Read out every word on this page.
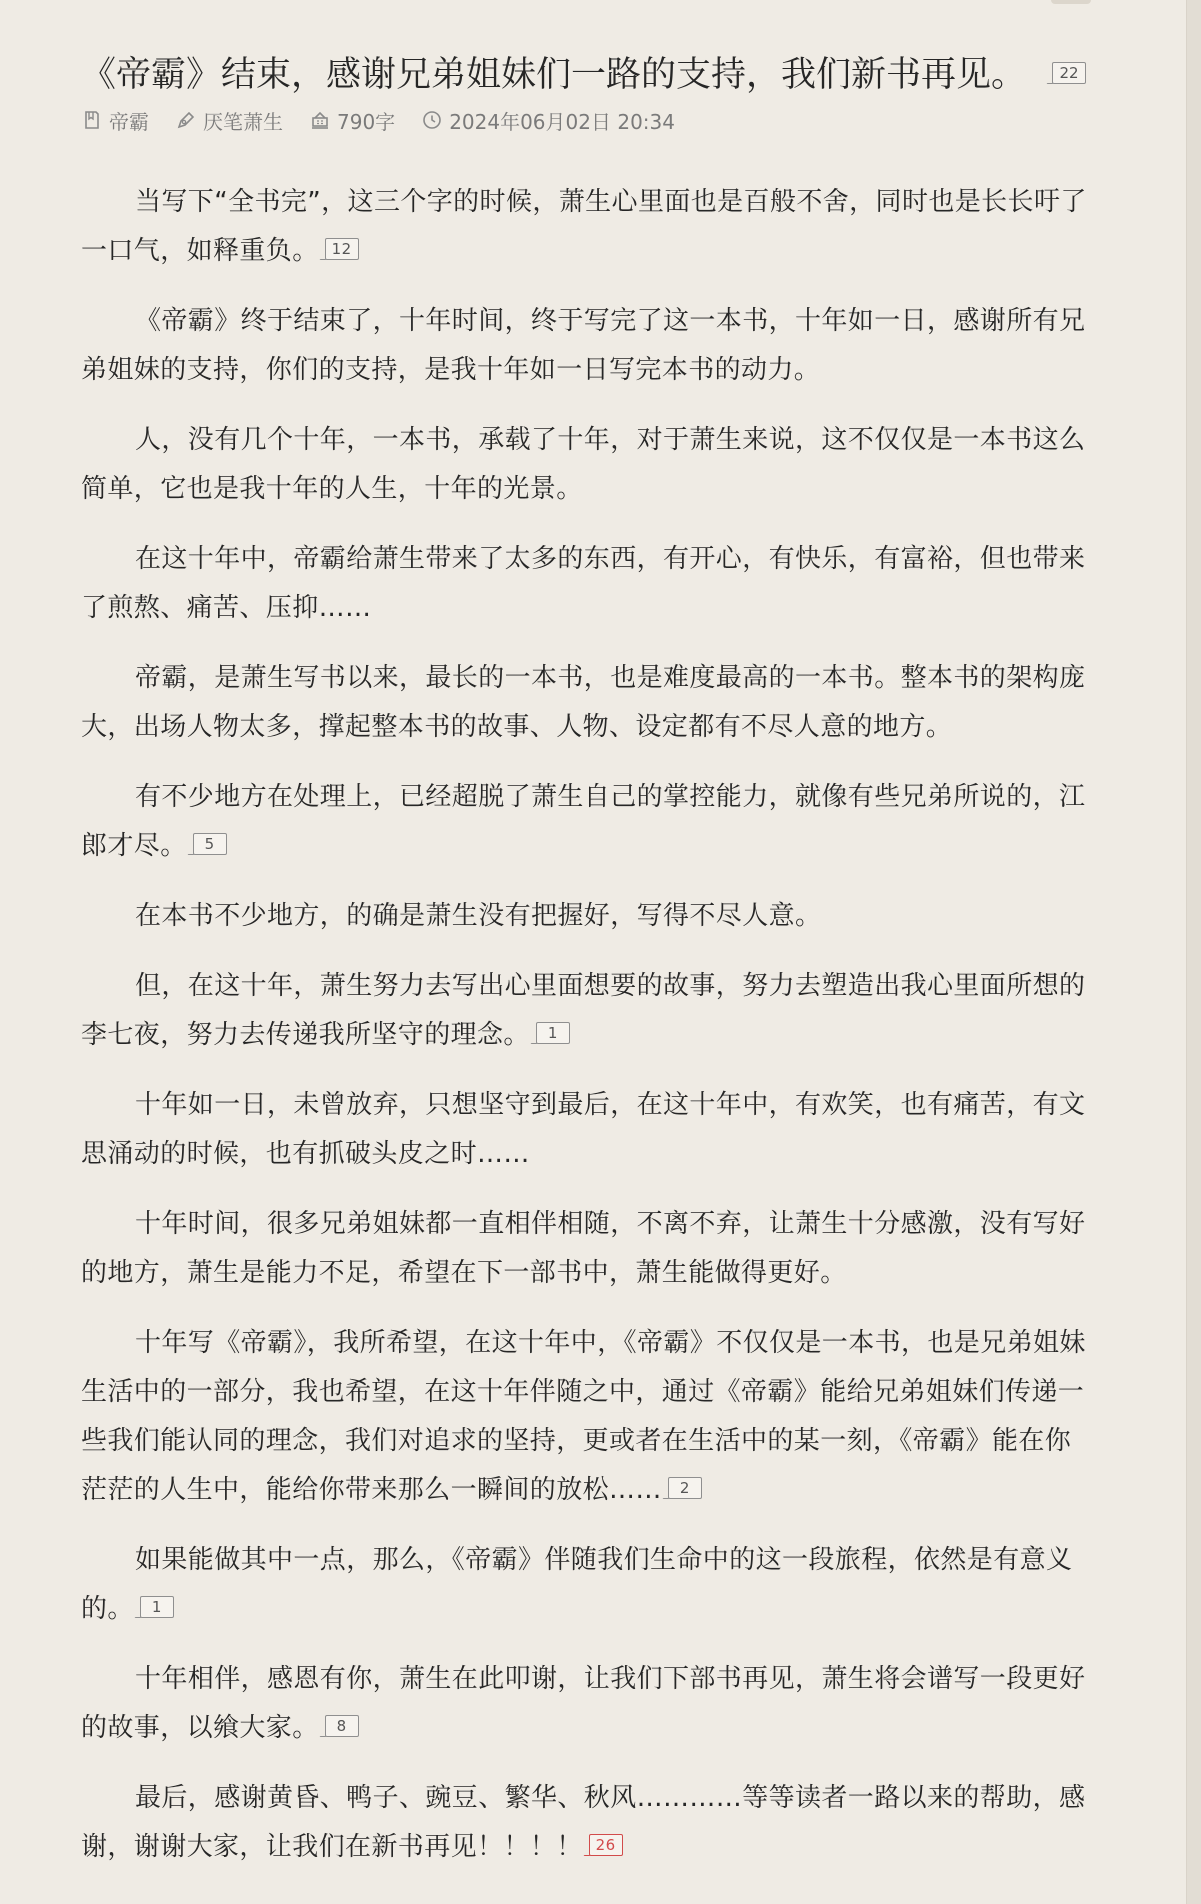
《帝霸》结束，感谢兄弟姐妹们一路的支持，我们新书再见。 22
帝霸	厌笔萧生	790字	2024年06月02日 20:34

当写下“全书完”，这三个字的时候，萧生心里面也是百般不舍，同时也是长长吁了一口气，如释重负。 12

《帝霸》终于结束了，十年时间，终于写完了这一本书，十年如一日，感谢所有兄弟姐妹的支持，你们的支持，是我十年如一日写完本书的动力。

人，没有几个十年，一本书，承载了十年，对于萧生来说，这不仅仅是一本书这么简单，它也是我十年的人生，十年的光景。

在这十年中，帝霸给萧生带来了太多的东西，有开心，有快乐，有富裕，但也带来了煎熬、痛苦、压抑……

帝霸，是萧生写书以来，最长的一本书，也是难度最高的一本书。整本书的架构庞大，出场人物太多，撑起整本书的故事、人物、设定都有不尽人意的地方。

有不少地方在处理上，已经超脱了萧生自己的掌控能力，就像有些兄弟所说的，江郎才尽。 5

在本书不少地方，的确是萧生没有把握好，写得不尽人意。

但，在这十年，萧生努力去写出心里面想要的故事，努力去塑造出我心里面所想的李七夜，努力去传递我所坚守的理念。 1

十年如一日，未曾放弃，只想坚守到最后，在这十年中，有欢笑，也有痛苦，有文思涌动的时候，也有抓破头皮之时……

十年时间，很多兄弟姐妹都一直相伴相随，不离不弃，让萧生十分感激，没有写好的地方，萧生是能力不足，希望在下一部书中，萧生能做得更好。

十年写《帝霸》，我所希望，在这十年中，《帝霸》不仅仅是一本书，也是兄弟姐妹生活中的一部分，我也希望，在这十年伴随之中，通过《帝霸》能给兄弟姐妹们传递一些我们能认同的理念，我们对追求的坚持，更或者在生活中的某一刻，《帝霸》能在你茫茫的人生中，能给你带来那么一瞬间的放松…… 2

如果能做其中一点，那么，《帝霸》伴随我们生命中的这一段旅程，依然是有意义的。 1

十年相伴，感恩有你，萧生在此叩谢，让我们下部书再见，萧生将会谱写一段更好的故事，以飨大家。 8

最后，感谢黄昏、鸭子、豌豆、繁华、秋风…………等等读者一路以来的帮助，感谢，谢谢大家，让我们在新书再见！！！！ 26
